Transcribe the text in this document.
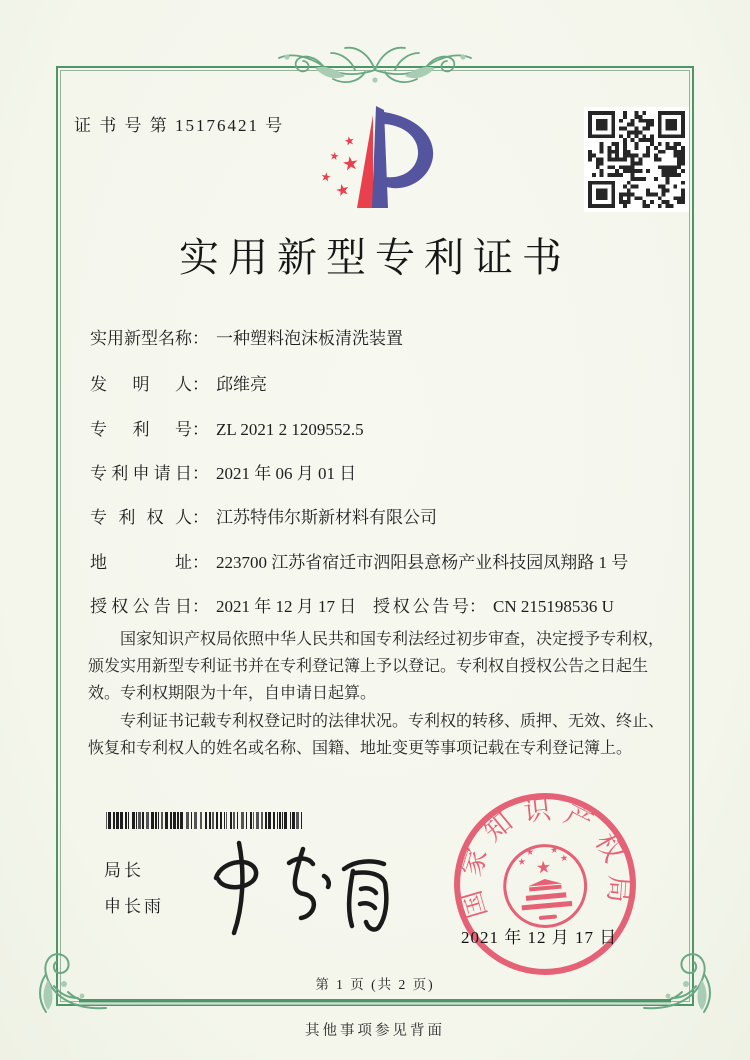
证 书 号 第 15176421 号
★
★ ★
★
★
实用新型专利证书
实用新型名称： 一种塑料泡沫板清洗装置
发明人： 邱维亮
专利号： ZL 2021 2 1209552.5
专利申请日： 2021 年 06 月 01 日
专利权人： 江苏特伟尔斯新材料有限公司
地址： 223700 江苏省宿迁市泗阳县意杨产业科技园凤翔路 1 号
授权公告日： 2021 年 12 月 17 日 授权公告号： CN 215198536 U

国家知识产权局依照中华人民共和国专利法经过初步审查，决定授予专利权，颁发实用新型专利证书并在专利登记簿上予以登记。专利权自授权公告之日起生效。专利权期限为十年，自申请日起算。

专利证书记载专利权登记时的法律状况。专利权的转移、质押、无效、终止、恢复和专利权人的姓名或名称、国籍、地址变更等事项记载在专利登记簿上。

局长
申长雨	国家知识产权局
★
★
★ ★
★
2021 年 12 月 17 日
第 1 页 (共 2 页)
其他事项参见背面
